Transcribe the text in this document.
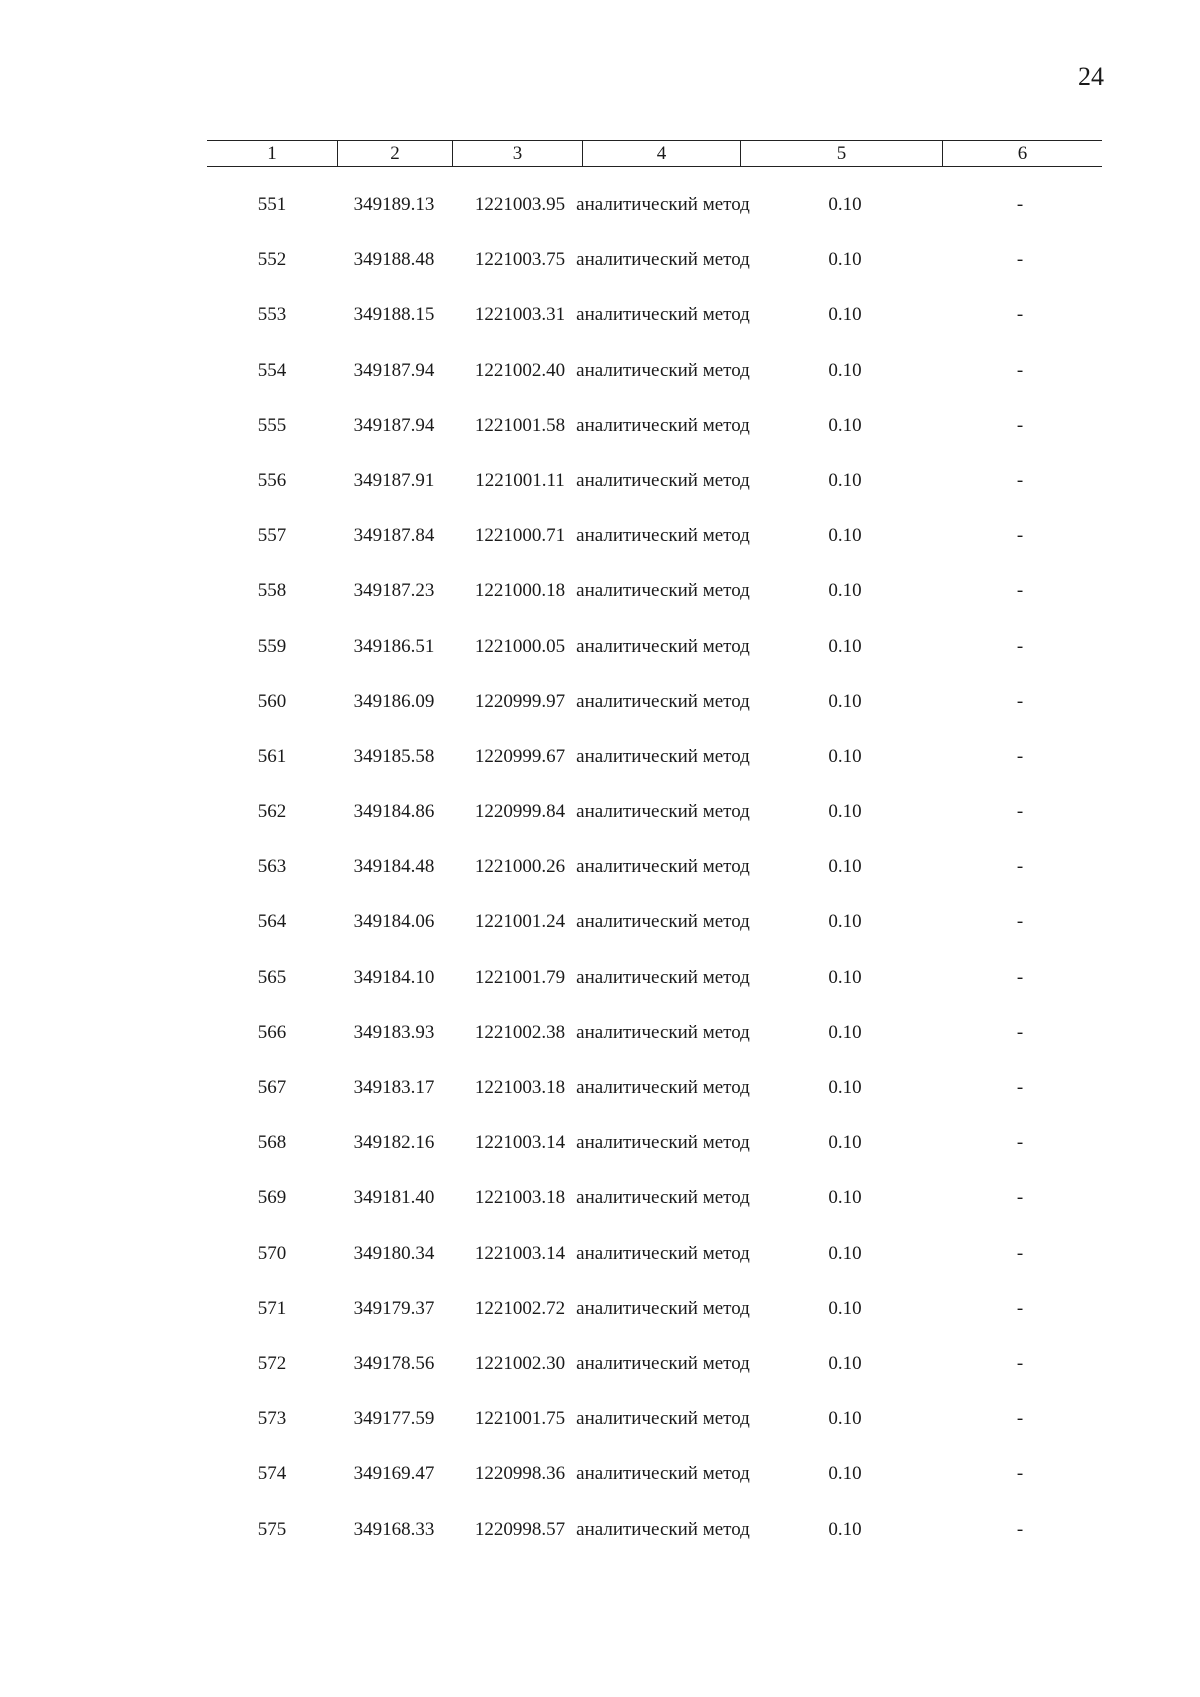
24
1	2	3	4	5	6
551	349189.13	1221003.95 аналитический метод	0.10	-
552	349188.48	1221003.75 аналитический метод	0.10	-
553	349188.15	1221003.31 аналитический метод	0.10	-
554	349187.94	1221002.40 аналитический метод	0.10	-
555	349187.94	1221001.58 аналитический метод	0.10	-
556	349187.91	1221001.11 аналитический метод	0.10	-
557	349187.84	1221000.71 аналитический метод	0.10	-
558	349187.23	1221000.18 аналитический метод	0.10	-
559	349186.51	1221000.05 аналитический метод	0.10	-
560	349186.09	1220999.97 аналитический метод	0.10	-
561	349185.58	1220999.67 аналитический метод	0.10	-
562	349184.86	1220999.84 аналитический метод	0.10	-
563	349184.48	1221000.26 аналитический метод	0.10	-
564	349184.06	1221001.24 аналитический метод	0.10	-
565	349184.10	1221001.79 аналитический метод	0.10	-
566	349183.93	1221002.38 аналитический метод	0.10	-
567	349183.17	1221003.18 аналитический метод	0.10	-
568	349182.16	1221003.14 аналитический метод	0.10	-
569	349181.40	1221003.18 аналитический метод	0.10	-
570	349180.34	1221003.14 аналитический метод	0.10	-
571	349179.37	1221002.72 аналитический метод	0.10	-
572	349178.56	1221002.30 аналитический метод	0.10	-
573	349177.59	1221001.75 аналитический метод	0.10	-
574	349169.47	1220998.36 аналитический метод	0.10	-
575	349168.33	1220998.57 аналитический метод	0.10	-
